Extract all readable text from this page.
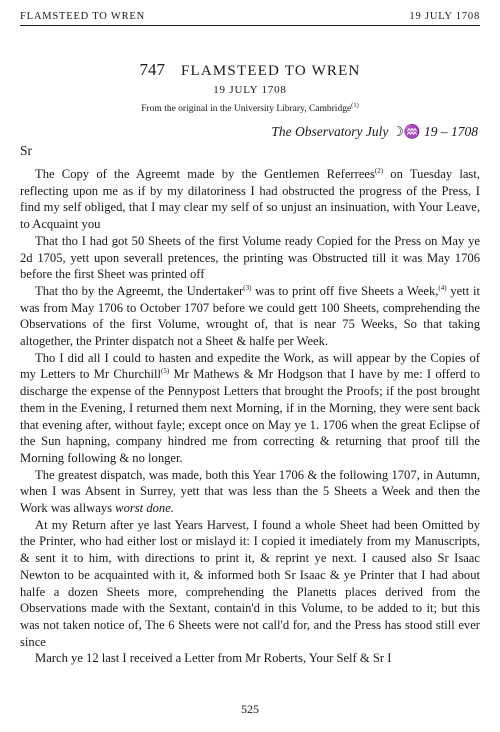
FLAMSTEED TO WREN	19 JULY 1708
747 FLAMSTEED TO WREN
19 JULY 1708
From the original in the University Library, Cambridge$^{(1)}$
The Observatory July ☽♒ 19 – 1708
Sr

The Copy of the Agreemt made by the Gentlemen Referrees$^{(2)}$ on Tuesday last, reflecting upon me as if by my dilatoriness I had obstructed the progress of the Press, I find my self obliged, that I may clear my self of so unjust an insinuation, with Your Leave, to Acquaint you

That tho I had got 50 Sheets of the first Volume ready Copied for the Press on May ye 2d 1705, yett upon severall pretences, the printing was Obstructed till it was May 1706 before the first Sheet was printed off

That tho by the Agreemt, the Undertaker$^{(3)}$ was to print off five Sheets a Week,$^{(4)}$ yett it was from May 1706 to October 1707 before we could gett 100 Sheets, comprehending the Observations of the first Volume, wrought of, that is near 75 Weeks, So that taking altogether, the Printer dispatch not a Sheet & halfe per Week.

Tho I did all I could to hasten and expedite the Work, as will appear by the Copies of my Letters to Mr Churchill$^{(5)}$ Mr Mathews & Mr Hodgson that I have by me: I offerd to discharge the expense of the Pennypost Letters that brought the Proofs; if the post brought them in the Evening, I returned them next Morning, if in the Morning, they were sent back that evening after, without fayle; except once on May ye 1. 1706 when the great Eclipse of the Sun hapning, company hindred me from correcting & returning that proof till the Morning following & no longer.

The greatest dispatch, was made, both this Year 1706 & the following 1707, in Autumn, when I was Absent in Surrey, yett that was less than the 5 Sheets a Week and then the Work was allways worst done.

At my Return after ye last Years Harvest, I found a whole Sheet had been Omitted by the Printer, who had either lost or mislayd it: I copied it imediately from my Manuscripts, & sent it to him, with directions to print it, & reprint ye next. I caused also Sr Isaac Newton to be acquainted with it, & informed both Sr Isaac & ye Printer that I had about halfe a dozen Sheets more, comprehending the Planetts places derived from the Observations made with the Sextant, contain'd in this Volume, to be added to it; but this was not taken notice of, The 6 Sheets were not call'd for, and the Press has stood still ever since

March ye 12 last I received a Letter from Mr Roberts, Your Self & Sr I

525
